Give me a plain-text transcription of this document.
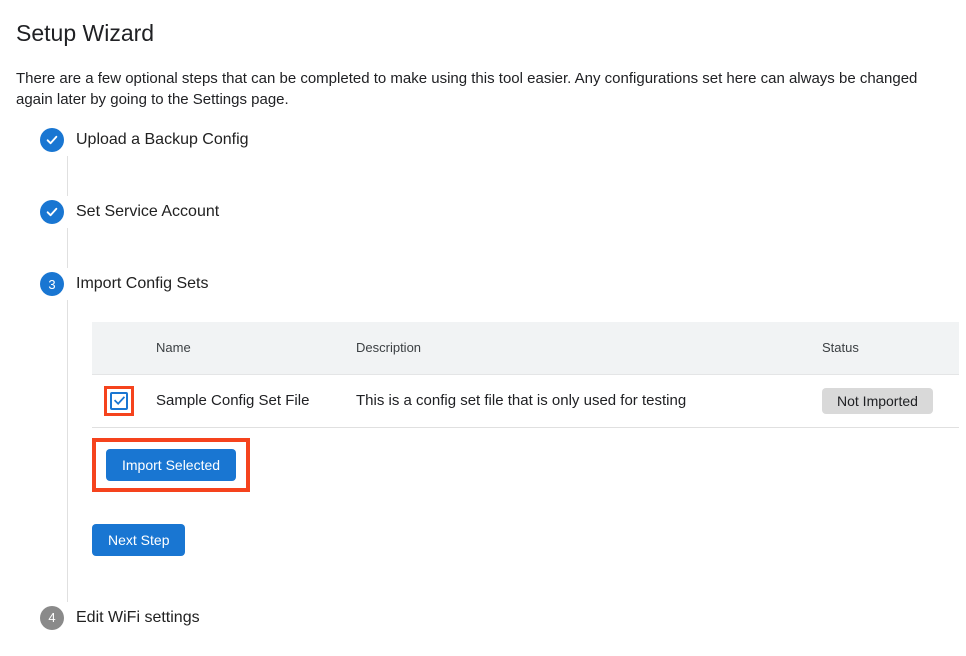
Setup Wizard

There are a few optional steps that can be completed to make using this tool easier. Any configurations set here can always be changed again later by going to the Settings page.

Upload a Backup Config
Set Service Account
3	Import Config Sets
	Name	Description	Status

	Sample Config Set File	This is a config set file that is only used for testing	Not Imported
Import Selected
Next Step
4	Edit WiFi settings
